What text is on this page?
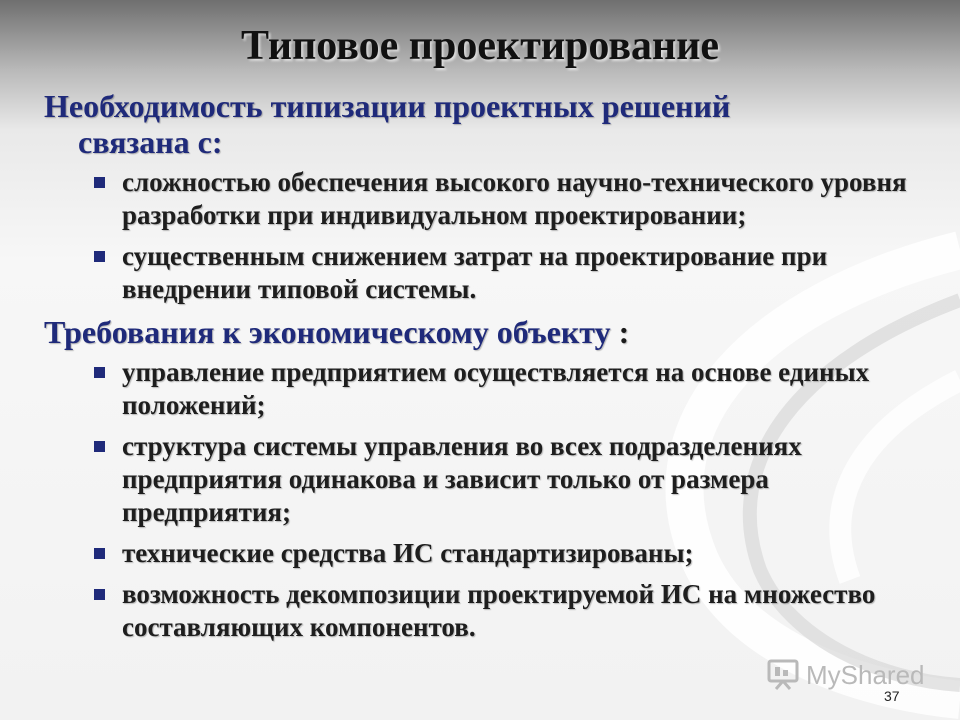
Типовое проектирование
Необходимость типизации проектных решений
связана с:
сложностью обеспечения высокого научно-технического уровня разработки при индивидуальном проектировании;
существенным снижением затрат на проектирование при внедрении типовой системы.
Требования к экономическому объекту :
управление предприятием осуществляется на основе единых положений;
структура системы управления во всех подразделениях предприятия одинакова и зависит только от размера предприятия;
технические средства ИС стандартизированы;
возможность декомпозиции проектируемой ИС на множество составляющих компонентов.
MyShared
37
